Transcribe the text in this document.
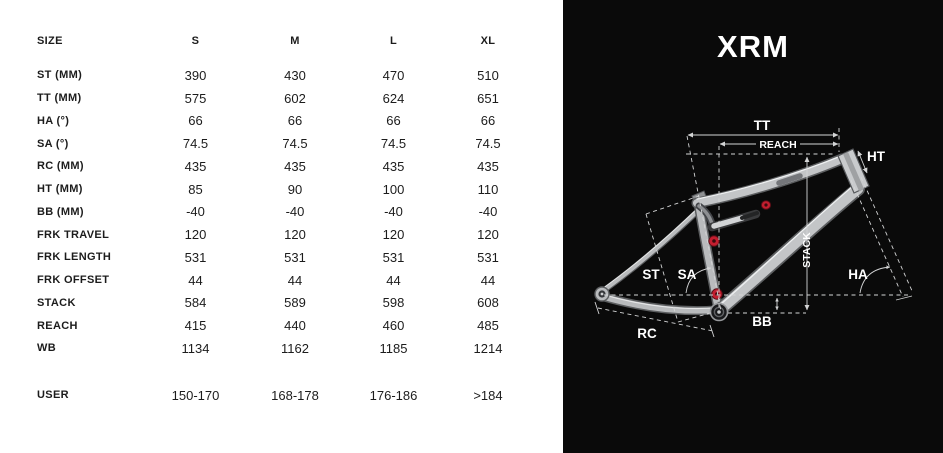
SIZE	S	M	L	XL
ST (MM)	390	430	470	510
TT (MM)	575	602	624	651
HA (°)	66	66	66	66
SA (°)	74.5	74.5	74.5	74.5
RC (MM)	435	435	435	435
HT (MM)	85	90	100	110
BB (MM)	-40	-40	-40	-40
FRK TRAVEL	120	120	120	120
FRK LENGTH	531	531	531	531
FRK OFFSET	44	44	44	44
STACK	584	589	598	608
REACH	415	440	460	485
WB	1134	1162	1185	1214
USER	150-170	168-178	176-186	>184
XRM
TT
REACH
HT
ST SA
STACK
HA
BB
RC
